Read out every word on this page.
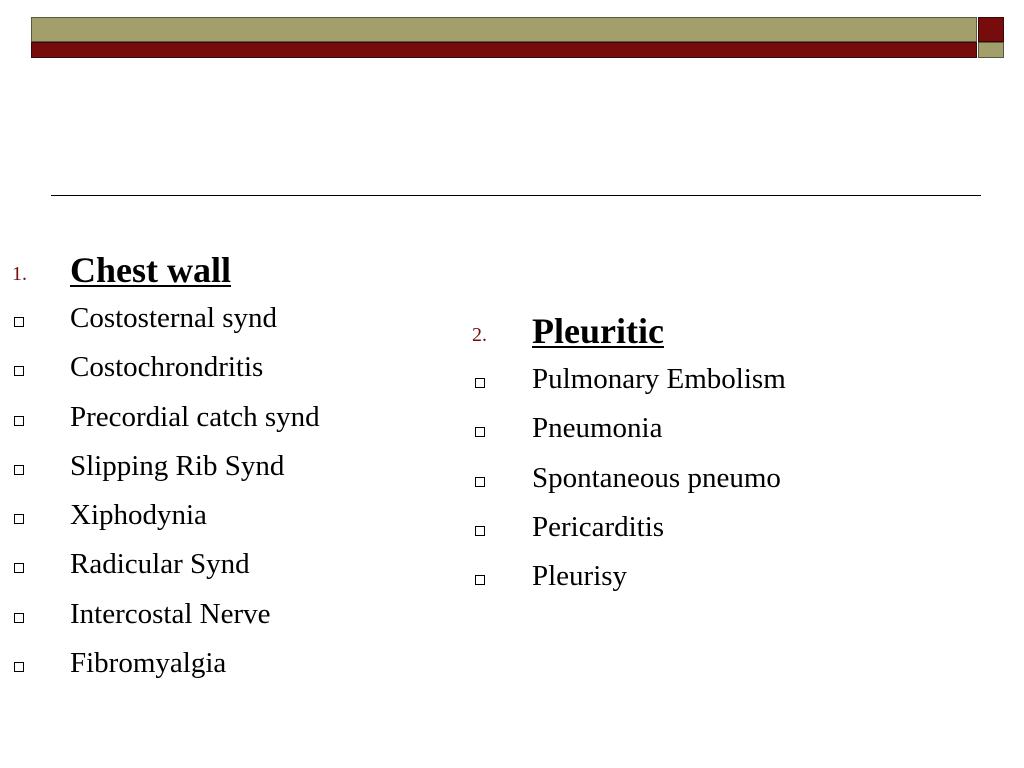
1. Chest wall
Costosternal synd
Costochrondritis
Precordial catch synd
Slipping Rib Synd
Xiphodynia
Radicular Synd
Intercostal Nerve
Fibromyalgia
2. Pleuritic
Pulmonary Embolism
Pneumonia
Spontaneous pneumo
Pericarditis
Pleurisy
